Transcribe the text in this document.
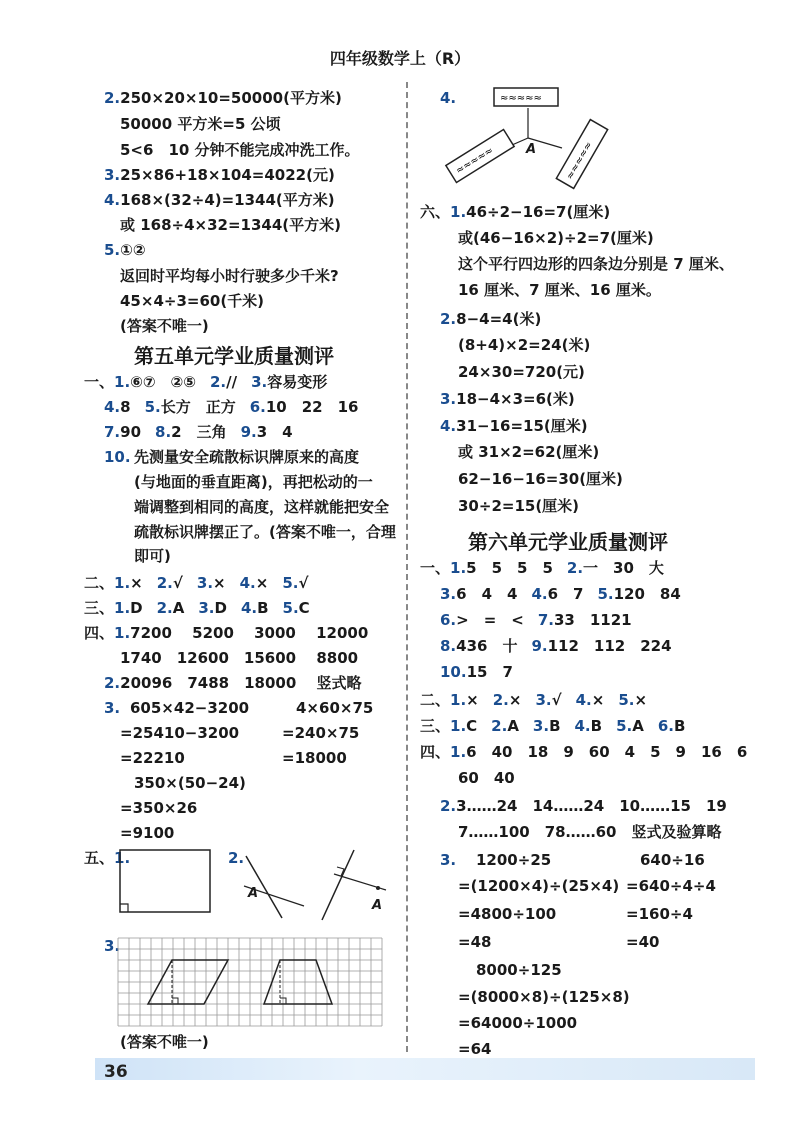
四年级数学上（R）
2.250×20×10=50000(平方米)
50000 平方米=5 公顷
5<6　10 分钟不能完成冲洗工作。
3.25×86+18×104=4022(元)
4.168×(32÷4)=1344(平方米)
或 168÷4×32=1344(平方米)
5.①②
返回时平均每小时行驶多少千米?
45×4÷3=60(千米)
(答案不唯一)
第五单元学业质量测评
一、1.⑥⑦　②⑤ 2.// 3.容易变形
4.8 5.长方　正方 6.10　22　16
7.90 8.2　三角 9.3　4
10. 先测量安全疏散标识牌原来的高度
(与地面的垂直距离)，再把松动的一
端调整到相同的高度，这样就能把安全
疏散标识牌摆正了。(答案不唯一，合理
即可)
二、1.× 2.√ 3.× 4.× 5.√
三、1.D 2.A 3.D 4.B 5.C
四、1.7200　 5200　 3000　 12000
1740　12600　15600　 8800
2.20096　7488　18000　 竖式略
3. 605×42−3200	4×60×75
=25410−3200	=240×75
=22210	=18000
350×(50−24)
=350×26
=9100
五、1.	2.
A
A
3.
(答案不唯一)
4.	≈≈≈≈≈
≈≈≈≈≈	≈≈≈≈≈
A
六、1.46÷2−16=7(厘米)
或(46−16×2)÷2=7(厘米)
这个平行四边形的四条边分别是 7 厘米、
16 厘米、7 厘米、16 厘米。
2.8−4=4(米)
(8+4)×2=24(米)
24×30=720(元)
3.18−4×3=6(米)
4.31−16=15(厘米)
或 31×2=62(厘米)
62−16−16=30(厘米)
30÷2=15(厘米)
第六单元学业质量测评
一、1.5　5　5　5 2.一　30　大
3.6　4　4 4.6　7 5.120　84
6.>　=　< 7.33　1121
8.436　十 9.112　112　224
10.15　7
二、1.× 2.× 3.√ 4.× 5.×
三、1.C 2.A 3.B 4.B 5.A 6.B
四、1.6　40　18　9　60　4　5　9　16　6
60　40
2.3……24　14……24　10……15　19
7……100　78……60　竖式及验算略
3. 1200÷25	640÷16
=(1200×4)÷(25×4) =640÷4÷4
=4800÷100	=160÷4
=48	=40
8000÷125
=(8000×8)÷(125×8)
=64000÷1000
=64
36
